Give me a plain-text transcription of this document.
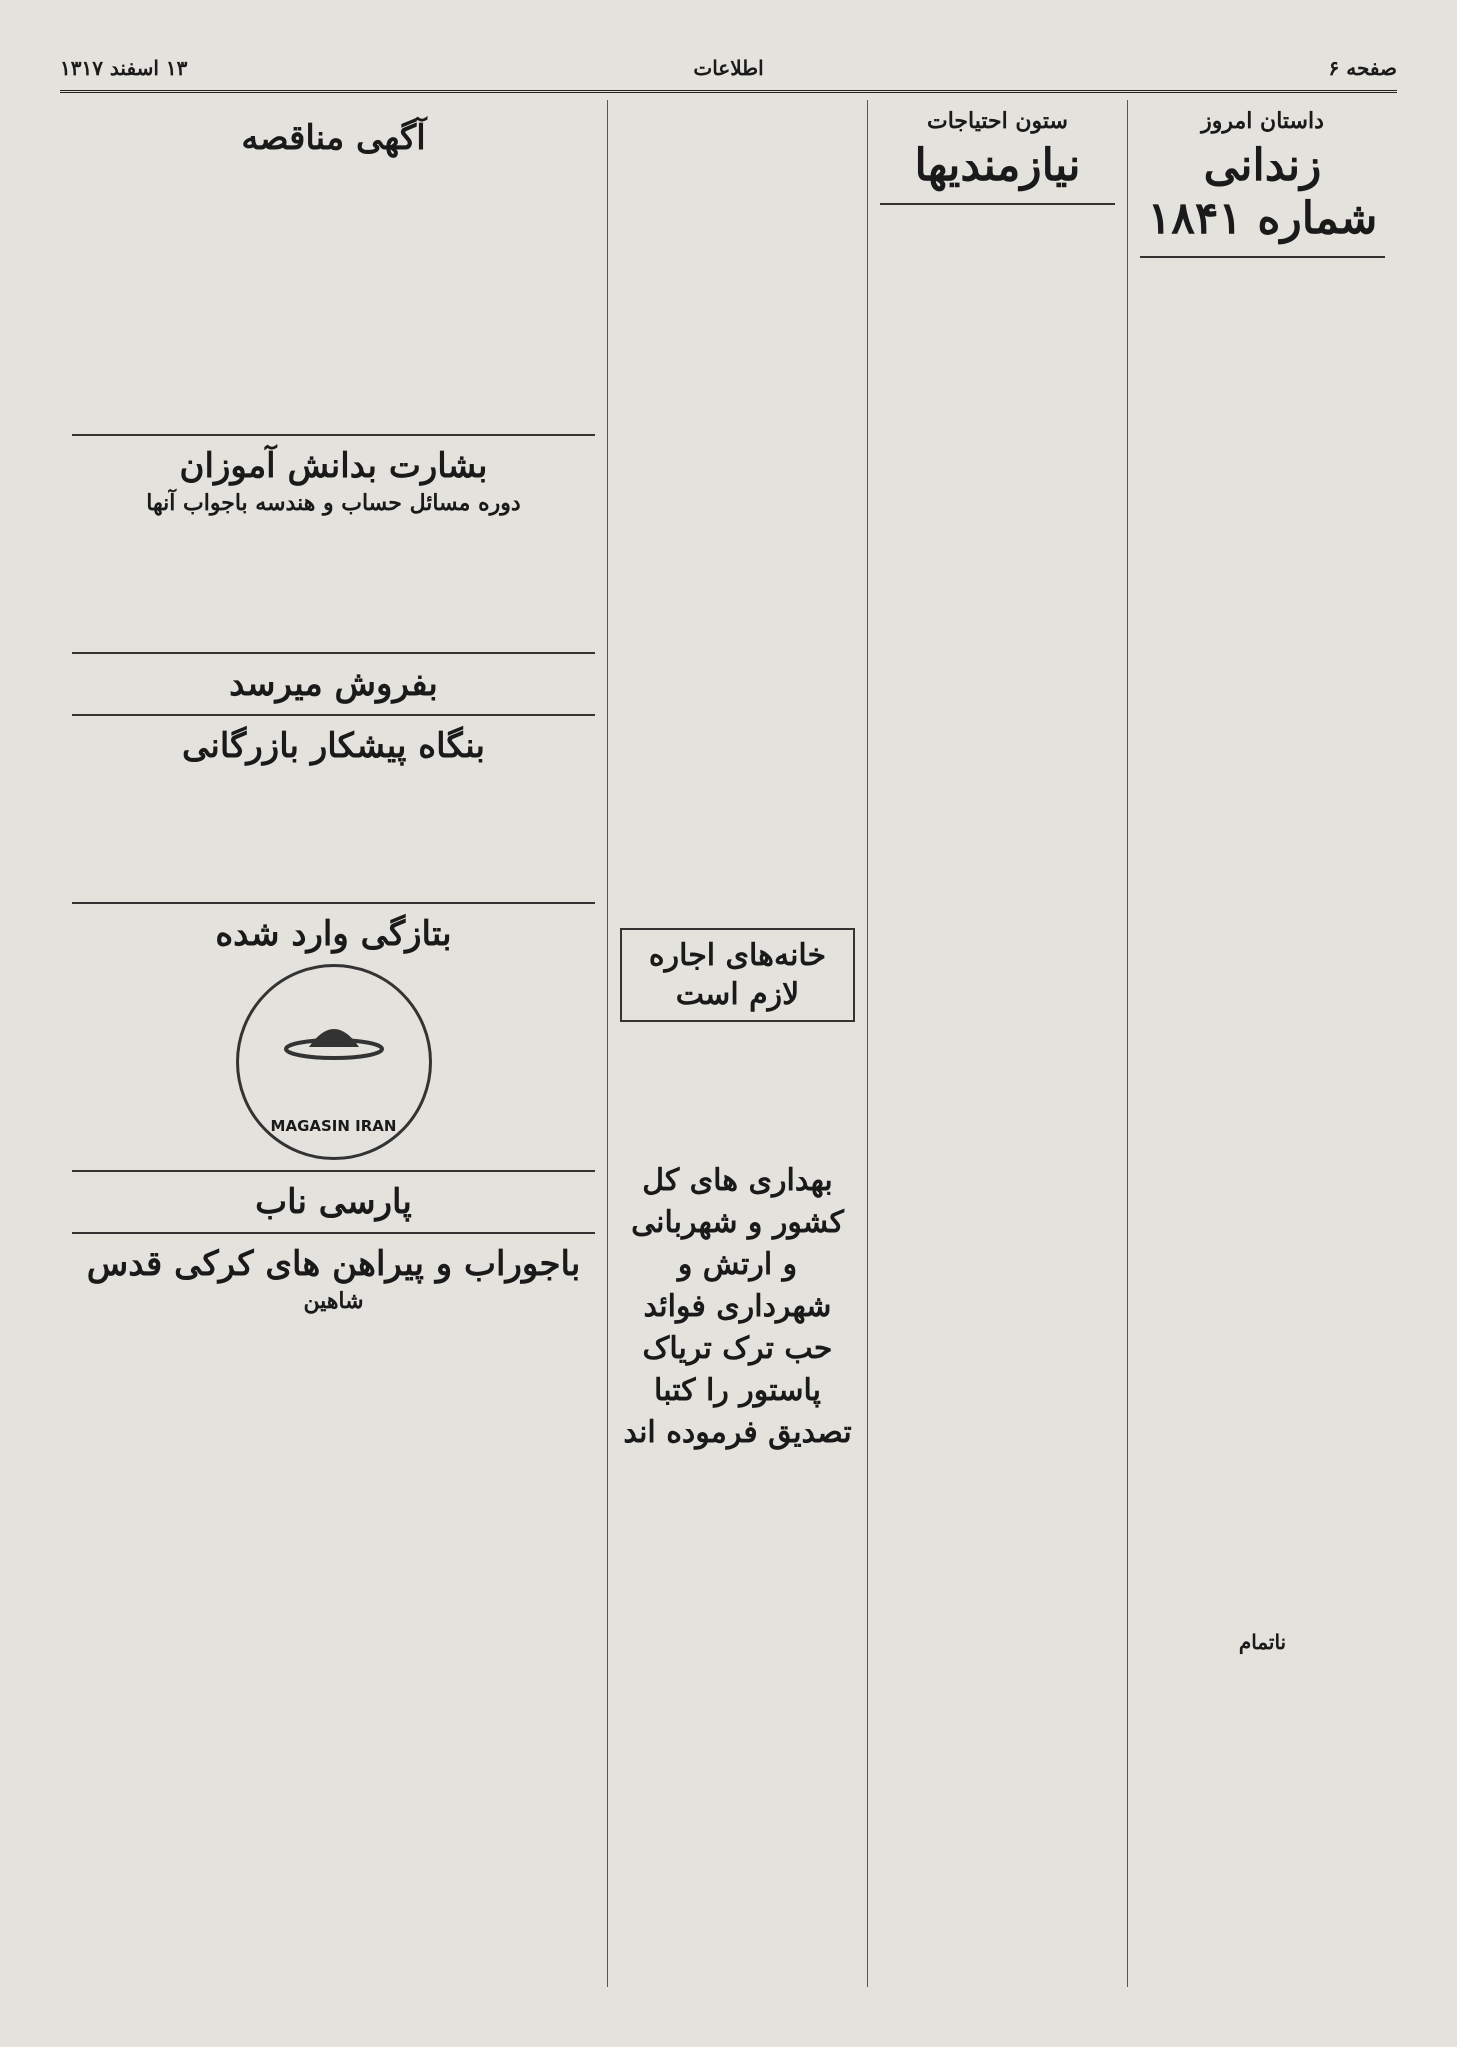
صفحه ۶
اطلاعات
۱۳ اسفند ۱۳۱۷
داستان امروز
زندانی شماره ۱۸۴۱
ناتمام
ستون احتیاجات
نیازمندیها
خانه‌های اجاره لازم است
بهداری های کل کشور و شهربانی و ارتش و شهرداری فوائد حب ترک تریاک پاستور را کتبا تصدیق فرموده اند
آگهی مناقصه
بشارت بدانش آموزان
دوره مسائل حساب و هندسه باجواب آنها
بفروش میرسد
بنگاه پیشکار بازرگانی
بتازگی وارد شده
MAGASIN IRAN
پارسی ناب
باجوراب و پیراهن های کرکی قدس
شاهین
